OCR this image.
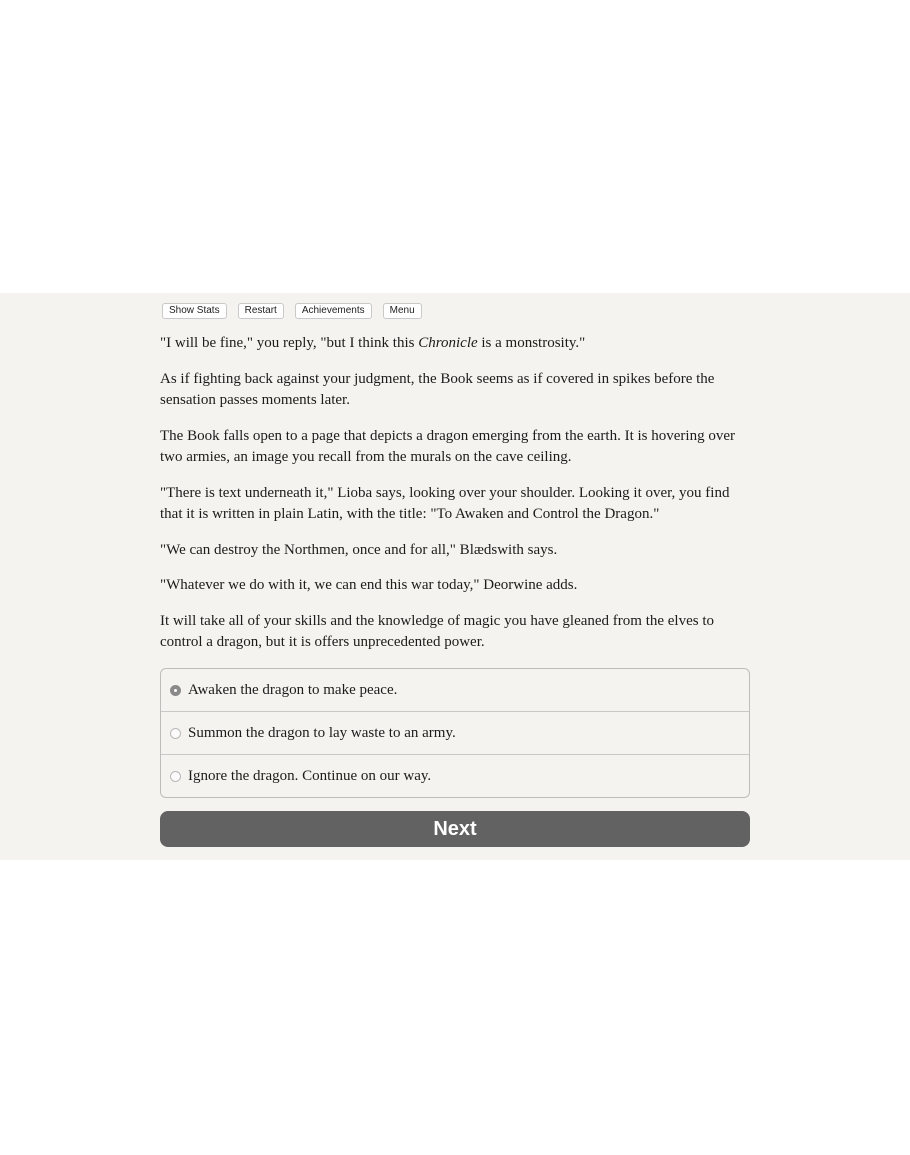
Show Stats	Restart	Achievements	Menu

"I will be fine," you reply, "but I think this Chronicle is a monstrosity."

As if fighting back against your judgment, the Book seems as if covered in spikes before the sensation passes moments later.

The Book falls open to a page that depicts a dragon emerging from the earth. It is hovering over two armies, an image you recall from the murals on the cave ceiling.

"There is text underneath it," Lioba says, looking over your shoulder. Looking it over, you find that it is written in plain Latin, with the title: "To Awaken and Control the Dragon."

"We can destroy the Northmen, once and for all," Blædswith says.

"Whatever we do with it, we can end this war today," Deorwine adds.

It will take all of your skills and the knowledge of magic you have gleaned from the elves to control a dragon, but it is offers unprecedented power.

Awaken the dragon to make peace.
Summon the dragon to lay waste to an army.
Ignore the dragon. Continue on our way.
Next
